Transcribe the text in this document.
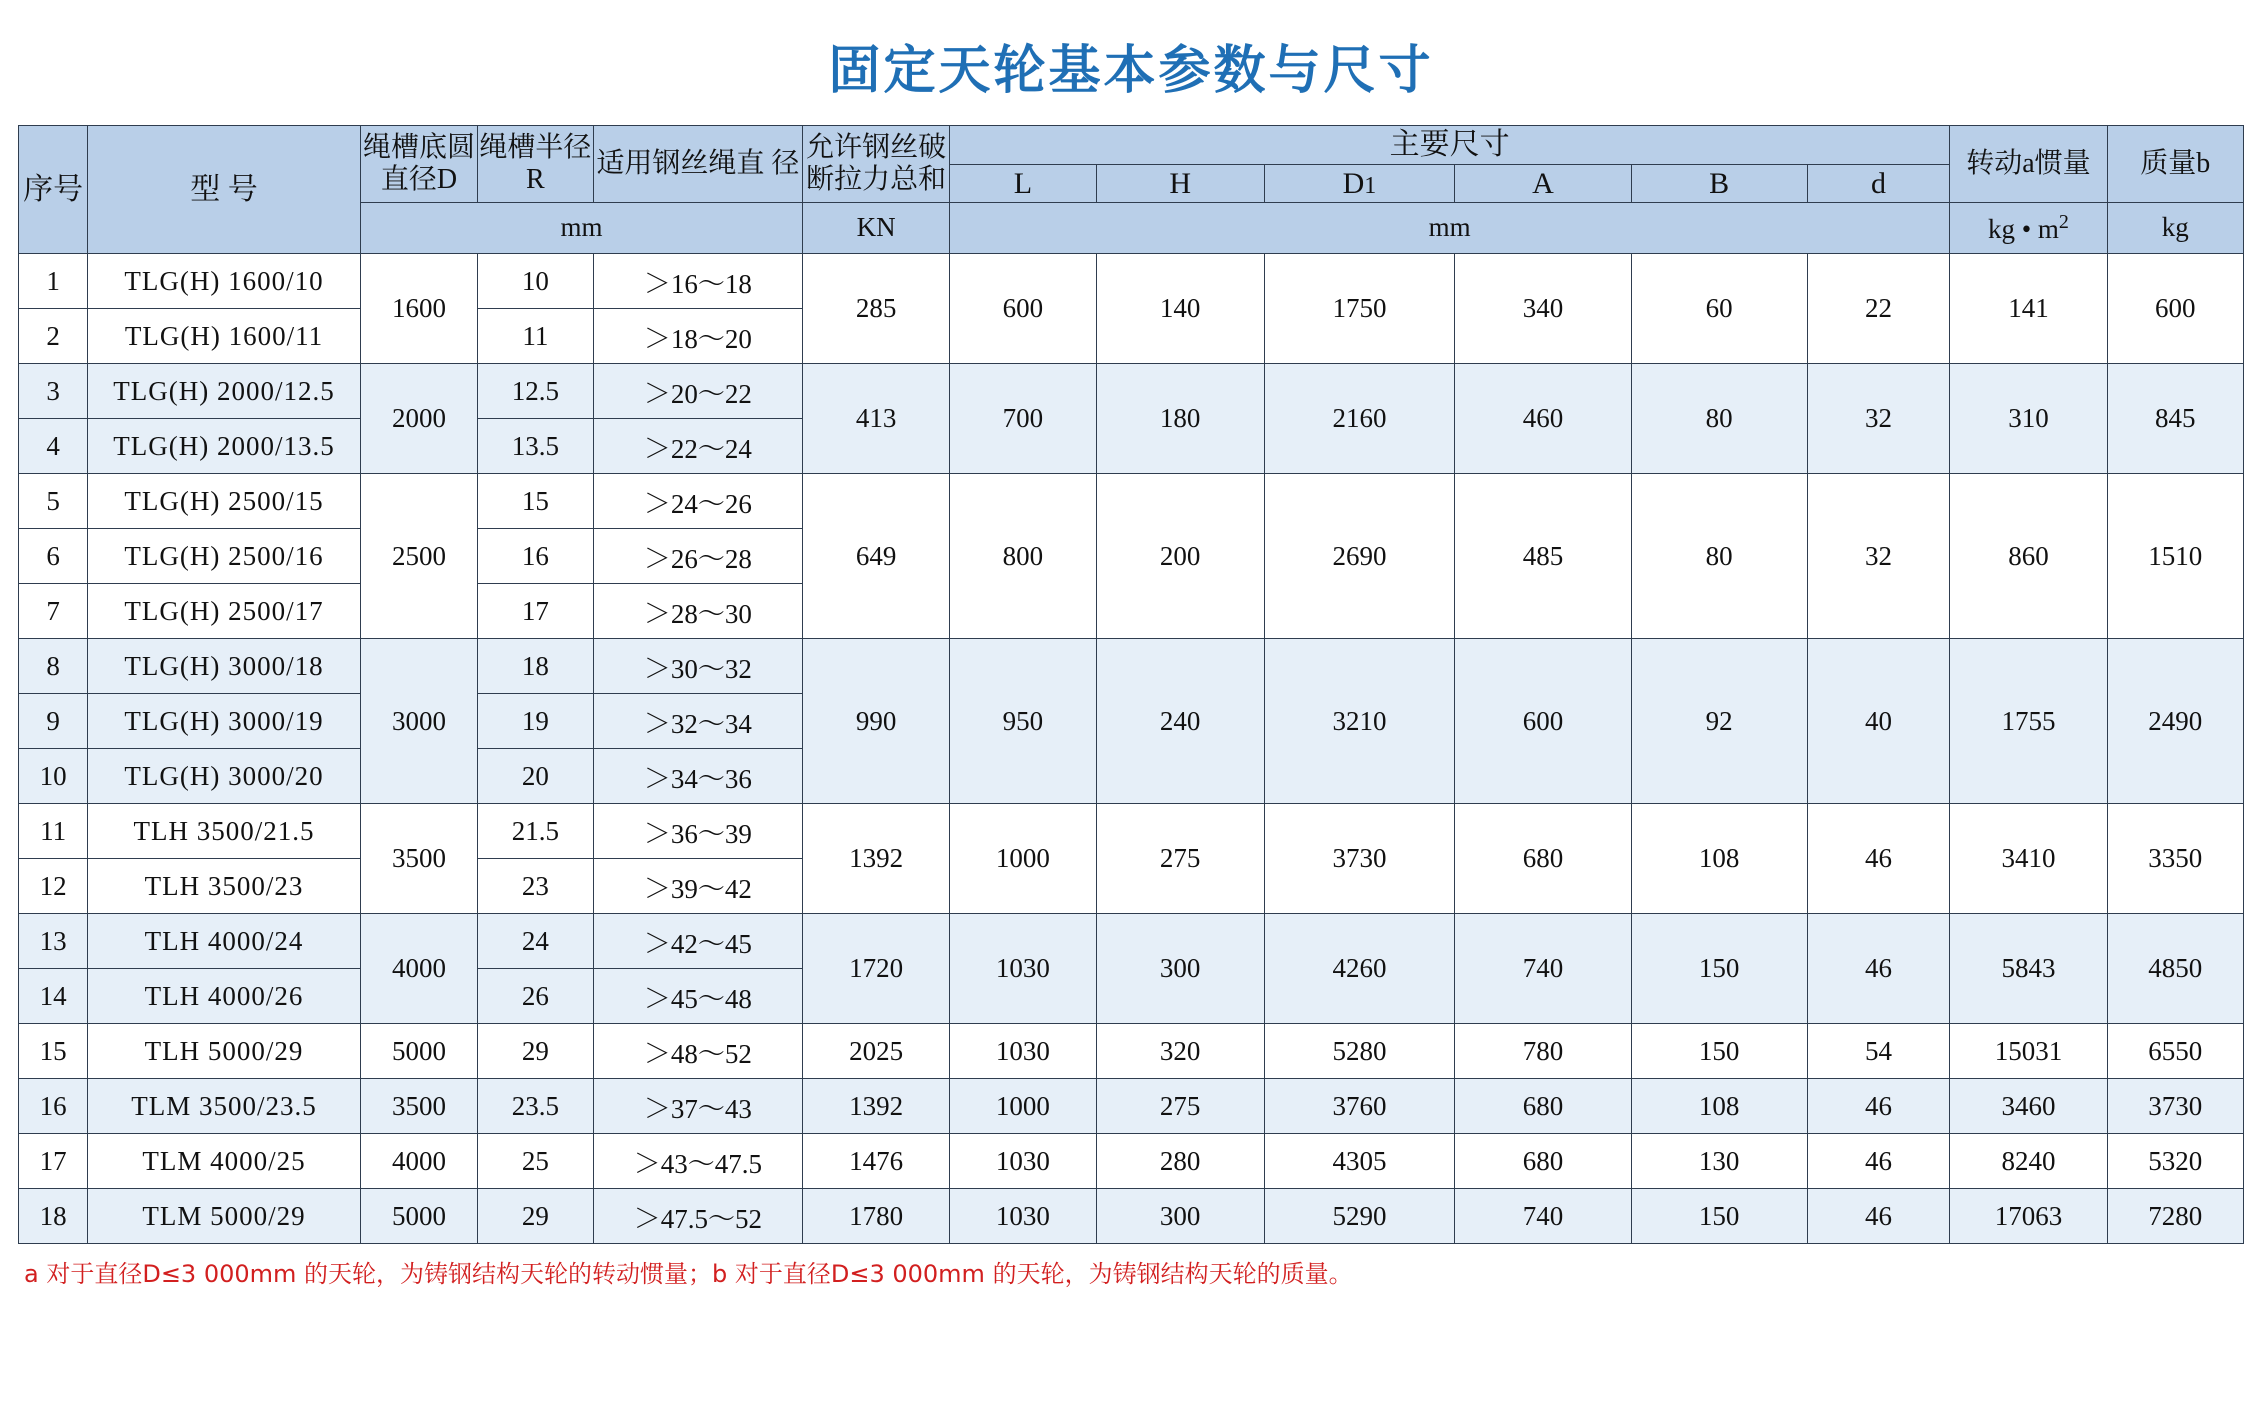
固定天轮基本参数与尺寸
序号	型 号	绳槽底圆直径D	绳槽半径R	适用钢丝绳直 径	允许钢丝破断拉力总和	主要尺寸						转动a惯量	质量b
						L	H	D1	A	B	d		
		mm			KN	mm						kg • $m^2$	kg
1	TLG(H) 1600/10	1600	10	＞16～18	285	600	140	1750	340	60	22	141	600
2	TLG(H) 1600/11		11	＞18～20									
3	TLG(H) 2000/12.5	2000	12.5	＞20～22	413	700	180	2160	460	80	32	310	845
4	TLG(H) 2000/13.5		13.5	＞22～24									
5	TLG(H) 2500/15	2500	15	＞24～26	649	800	200	2690	485	80	32	860	1510
6	TLG(H) 2500/16		16	＞26～28									
7	TLG(H) 2500/17		17	＞28～30									
8	TLG(H) 3000/18	3000	18	＞30～32	990	950	240	3210	600	92	40	1755	2490
9	TLG(H) 3000/19		19	＞32～34									
10	TLG(H) 3000/20		20	＞34～36									
11	TLH 3500/21.5	3500	21.5	＞36～39	1392	1000	275	3730	680	108	46	3410	3350
12	TLH 3500/23		23	＞39～42									
13	TLH 4000/24	4000	24	＞42～45	1720	1030	300	4260	740	150	46	5843	4850
14	TLH 4000/26		26	＞45～48									
15	TLH 5000/29	5000	29	＞48～52	2025	1030	320	5280	780	150	54	15031	6550
16	TLM 3500/23.5	3500	23.5	＞37～43	1392	1000	275	3760	680	108	46	3460	3730
17	TLM 4000/25	4000	25	＞43～47.5	1476	1030	280	4305	680	130	46	8240	5320
18	TLM 5000/29	5000	29	＞47.5～52	1780	1030	300	5290	740	150	46	17063	7280
a 对于直径D≤3 000mm 的天轮，为铸钢结构天轮的转动惯量；b 对于直径D≤3 000mm 的天轮，为铸钢结构天轮的质量。
